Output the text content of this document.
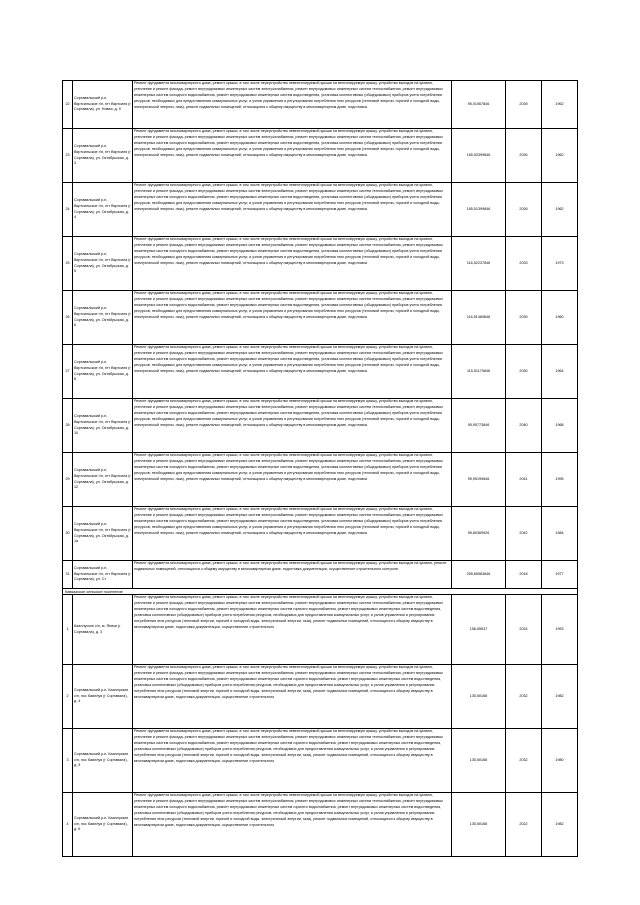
22	Сортавальский р-н, Вяртсильское г/п, пгт Вяртсиля (г Сортавала), ул. Новая, д. 9	Ремонт фундамента многоквартирного дома, ремонт крыши, в том числе переустройство невентилируемой крыши на вентилируемую крышу, устройство выходов на кровлю, утепление и ремонт фасада, ремонт внутридомовых инженерных систем электроснабжения, ремонт внутридомовых инженерных систем теплоснабжения, ремонт внутридомовых инженерных систем холодного водоснабжения, ремонт внутридомовых инженерных систем водоотведения, установка коллективных (общедомовых) приборов учета потребления ресурсов, необходимых для предоставления коммунальных услуг, и узлов управления и регулирования потребления этих ресурсов (тепловой энергии, горячей и холодной воды, электрической энергии, газа), ремонт подвальных помещений, относящихся к общему имуществу в многоквартирном доме, подготовка	95,01067846	2039	1962

23	Сортавальский р-н, Вяртсильское г/п, пгт Вяртсиля (г Сортавала), ул. Октябрьская, д. 3	Ремонт фундамента многоквартирного дома, ремонт крыши, в том числе переустройство невентилируемой крыши на вентилируемую крышу, устройство выходов на кровлю, утепление и ремонт фасада, ремонт внутридомовых инженерных систем электроснабжения, ремонт внутридомовых инженерных систем теплоснабжения, ремонт внутридомовых инженерных систем холодного водоснабжения, ремонт внутридомовых инженерных систем водоотведения, установка коллективных (общедомовых) приборов учета потребления ресурсов, необходимых для предоставления коммунальных услуг, и узлов управления и регулирования потребления этих ресурсов (тепловой энергии, горячей и холодной воды, электрической энергии, газа), ремонт подвальных помещений, относящихся к общему имуществу в многоквартирном доме, подготовка	165,53399846	2026	1962

24	Сортавальский р-н, Вяртсильское г/п, пгт Вяртсиля (г Сортавала), ул. Октябрьская, д. 4	Ремонт фундамента многоквартирного дома, ремонт крыши, в том числе переустройство невентилируемой крыши на вентилируемую крышу, устройство выходов на кровлю, утепление и ремонт фасада, ремонт внутридомовых инженерных систем электроснабжения, ремонт внутридомовых инженерных систем теплоснабжения, ремонт внутридомовых инженерных систем холодного водоснабжения, ремонт внутридомовых инженерных систем водоотведения, установка коллективных (общедомовых) приборов учета потребления ресурсов, необходимых для предоставления коммунальных услуг, и узлов управления и регулирования потребления этих ресурсов (тепловой энергии, горячей и холодной воды, электрической энергии, газа), ремонт подвальных помещений, относящихся к общему имуществу в многоквартирном доме, подготовка	165,51399846	2026	1962

25	Сортавальский р-н, Вяртсильское г/п, пгт Вяртсиля (г Сортавала), ул. Октябрьская, д. 5	Ремонт фундамента многоквартирного дома, ремонт крыши, в том числе переустройство невентилируемой крыши на вентилируемую крышу, устройство выходов на кровлю, утепление и ремонт фасада, ремонт внутридомовых инженерных систем электроснабжения, ремонт внутридомовых инженерных систем теплоснабжения, ремонт внутридомовых инженерных систем холодного водоснабжения, ремонт внутридомовых инженерных систем водоотведения, установка коллективных (общедомовых) приборов учета потребления ресурсов, необходимых для предоставления коммунальных услуг, и узлов управления и регулирования потребления этих ресурсов (тепловой энергии, горячей и холодной воды, электрической энергии, газа), ремонт подвальных помещений, относящихся к общему имуществу в многоквартирном доме, подготовка	116,52237846	2033	1973

26	Сортавальский р-н, Вяртсильское г/п, пгт Вяртсиля (г Сортавала), ул. Октябрьская, д. 6	Ремонт фундамента многоквартирного дома, ремонт крыши, в том числе переустройство невентилируемой крыши на вентилируемую крышу, устройство выходов на кровлю, утепление и ремонт фасада, ремонт внутридомовых инженерных систем электроснабжения, ремонт внутридомовых инженерных систем теплоснабжения, ремонт внутридомовых инженерных систем холодного водоснабжения, ремонт внутридомовых инженерных систем водоотведения, установка коллективных (общедомовых) приборов учета потребления ресурсов, необходимых для предоставления коммунальных услуг, и узлов управления и регулирования потребления этих ресурсов (тепловой энергии, горячей и холодной воды, электрической энергии, газа), ремонт подвальных помещений, относящихся к общему имуществу в многоквартирном доме, подготовка	116,51489846	2039	1960

27	Сортавальский р-н, Вяртсильское г/п, пгт Вяртсиля (г Сортавала), ул. Октябрьская, д. 8	Ремонт фундамента многоквартирного дома, ремонт крыши, в том числе переустройство невентилируемой крыши на вентилируемую крышу, устройство выходов на кровлю, утепление и ремонт фасада, ремонт внутридомовых инженерных систем электроснабжения, ремонт внутридомовых инженерных систем теплоснабжения, ремонт внутридомовых инженерных систем холодного водоснабжения, ремонт внутридомовых инженерных систем водоотведения, установка коллективных (общедомовых) приборов учета потребления ресурсов, необходимых для предоставления коммунальных услуг, и узлов управления и регулирования потребления этих ресурсов (тепловой энергии, горячей и холодной воды, электрической энергии, газа), ремонт подвальных помещений, относящихся к общему имуществу в многоквартирном доме, подготовка	115,51179846	2030	1964

28	Сортавальский р-н, Вяртсильское г/п, пгт Вяртсиля (г Сортавала), ул. Октябрьская, д. 10	Ремонт фундамента многоквартирного дома, ремонт крыши, в том числе переустройство невентилируемой крыши на вентилируемую крышу, устройство выходов на кровлю, утепление и ремонт фасада, ремонт внутридомовых инженерных систем электроснабжения, ремонт внутридомовых инженерных систем теплоснабжения, ремонт внутридомовых инженерных систем холодного водоснабжения, ремонт внутридомовых инженерных систем водоотведения, установка коллективных (общедомовых) приборов учета потребления ресурсов, необходимых для предоставления коммунальных услуг, и узлов управления и регулирования потребления этих ресурсов (тепловой энергии, горячей и холодной воды, электрической энергии, газа), ремонт подвальных помещений, относящихся к общему имуществу в многоквартирном доме, подготовка	95,95773846	2040	1968

29	Сортавальский р-н, Вяртсильское г/п, пгт Вяртсиля (г Сортавала), ул. Октябрьская, д. 12	Ремонт фундамента многоквартирного дома, ремонт крыши, в том числе переустройство невентилируемой крыши на вентилируемую крышу, устройство выходов на кровлю, утепление и ремонт фасада, ремонт внутридомовых инженерных систем электроснабжения, ремонт внутридомовых инженерных систем теплоснабжения, ремонт внутридомовых инженерных систем холодного водоснабжения, ремонт внутридомовых инженерных систем водоотведения, установка коллективных (общедомовых) приборов учета потребления ресурсов, необходимых для предоставления коммунальных услуг, и узлов управления и регулирования потребления этих ресурсов (тепловой энергии, горячей и холодной воды, электрической энергии, газа), ремонт подвальных помещений, относящихся к общему имуществу в многоквартирном доме, подготовка	95,95199846	2041	1995

30	Сортавальский р-н, Вяртсильское г/п, пгт Вяртсиля (г Сортавала), ул. Октябрьская, д. 1а	Ремонт фундамента многоквартирного дома, ремонт крыши, в том числе переустройство невентилируемой крыши на вентилируемую крышу, устройство выходов на кровлю, утепление и ремонт фасада, ремонт внутридомовых инженерных систем электроснабжения, ремонт внутридомовых инженерных систем теплоснабжения, ремонт внутридомовых инженерных систем холодного водоснабжения, ремонт внутридомовых инженерных систем водоотведения, установка коллективных (общедомовых) приборов учета потребления ресурсов, необходимых для предоставления коммунальных услуг, и узлов управления и регулирования потребления этих ресурсов (тепловой энергии, горячей и холодной воды, электрической энергии, газа), ремонт подвальных помещений, относящихся к общему имуществу в многоквартирном доме, подготовка	95,80369926	2042	1984

31	Сортавальский р-н, Вяртсильское г/п, пгт Вяртсиля (г Сортавала), ул. Ст	Ремонт фундамента многоквартирного дома, ремонт крыши, в том числе переустройство невентилируемой крыши на вентилируемую крышу, устройство выходов на кровлю, ремонт подвальных помещений, относящихся к общему имуществу в многоквартирном доме, подготовка документации, осуществление строительного контроля	255,65983846	2018	1977

Кавказское сельское поселение					

1	Кааллуское с/п, м. Яники (г Сортавала), д. 3	Ремонт фундамента многоквартирного дома, ремонт крыши, в том числе переустройство невентилируемой крыши на вентилируемую крышу, устройство выходов на кровлю, утепление и ремонт фасада, ремонт внутридомовых инженерных систем электроснабжения, ремонт внутридомовых инженерных систем теплоснабжения, ремонт внутридомовых инженерных систем холодного водоснабжения, ремонт внутридомовых инженерных систем горячего водоснабжения, ремонт внутридомовых инженерных систем водоотведения, установка коллективных (общедомовых) приборов учета потребления ресурсов, необходимых для предоставления коммунальных услуг, и узлов управления и регулирования потребления этих ресурсов (тепловой энергии, горячей и холодной воды, электрической энергии, газа), ремонт подвальных помещений, относящихся к общему имуществу в многоквартирном доме, подготовка документации, осуществление строительного	156,55537	2024	1993

2	Сортавальский р-н, Кааллуское с/п, пос Кааллуя (г Сортавала), д. 4	Ремонт фундамента многоквартирного дома, ремонт крыши, в том числе переустройство невентилируемой крыши на вентилируемую крышу, устройство выходов на кровлю, утепление и ремонт фасада, ремонт внутридомовых инженерных систем электроснабжения, ремонт внутридомовых инженерных систем теплоснабжения, ремонт внутридомовых инженерных систем холодного водоснабжения, ремонт внутридомовых инженерных систем горячего водоснабжения, ремонт внутридомовых инженерных систем водоотведения, установка коллективных (общедомовых) приборов учета потребления ресурсов, необходимых для предоставления коммунальных услуг, и узлов управления и регулирования потребления этих ресурсов (тепловой энергии, горячей и холодной воды, электрической энергии, газа), ремонт подвальных помещений, относящихся к общему имуществу в многоквартирном доме, подготовка документации, осуществление строительного	135,50168	2032	1982

3	Сортавальский р-н, Кааллуское с/п, пос Кааллуя (г Сортавала), д. 5	Ремонт фундамента многоквартирного дома, ремонт крыши, в том числе переустройство невентилируемой крыши на вентилируемую крышу, устройство выходов на кровлю, утепление и ремонт фасада, ремонт внутридомовых инженерных систем электроснабжения, ремонт внутридомовых инженерных систем теплоснабжения, ремонт внутридомовых инженерных систем холодного водоснабжения, ремонт внутридомовых инженерных систем горячего водоснабжения, ремонт внутридомовых инженерных систем водоотведения, установка коллективных (общедомовых) приборов учета потребления ресурсов, необходимых для предоставления коммунальных услуг, и узлов управления и регулирования потребления этих ресурсов (тепловой энергии, горячей и холодной воды, электрической энергии, газа), ремонт подвальных помещений, относящихся к общему имуществу в многоквартирном доме, подготовка документации, осуществление строительного	135,50168	2032	1980

4	Сортавальский р-н, Кааллуское с/п, пос Кааллуя (г Сортавала), д. 6	Ремонт фундамента многоквартирного дома, ремонт крыши, в том числе переустройство невентилируемой крыши на вентилируемую крышу, устройство выходов на кровлю, утепление и ремонт фасада, ремонт внутридомовых инженерных систем электроснабжения, ремонт внутридомовых инженерных систем теплоснабжения, ремонт внутридомовых инженерных систем холодного водоснабжения, ремонт внутридомовых инженерных систем горячего водоснабжения, ремонт внутридомовых инженерных систем водоотведения, установка коллективных (общедомовых) приборов учета потребления ресурсов, необходимых для предоставления коммунальных услуг, и узлов управления и регулирования потребления этих ресурсов (тепловой энергии, горячей и холодной воды, электрической энергии, газа), ремонт подвальных помещений, относящихся к общему имуществу в многоквартирном доме, подготовка документации, осуществление строительного	135,50168	2022	1982
